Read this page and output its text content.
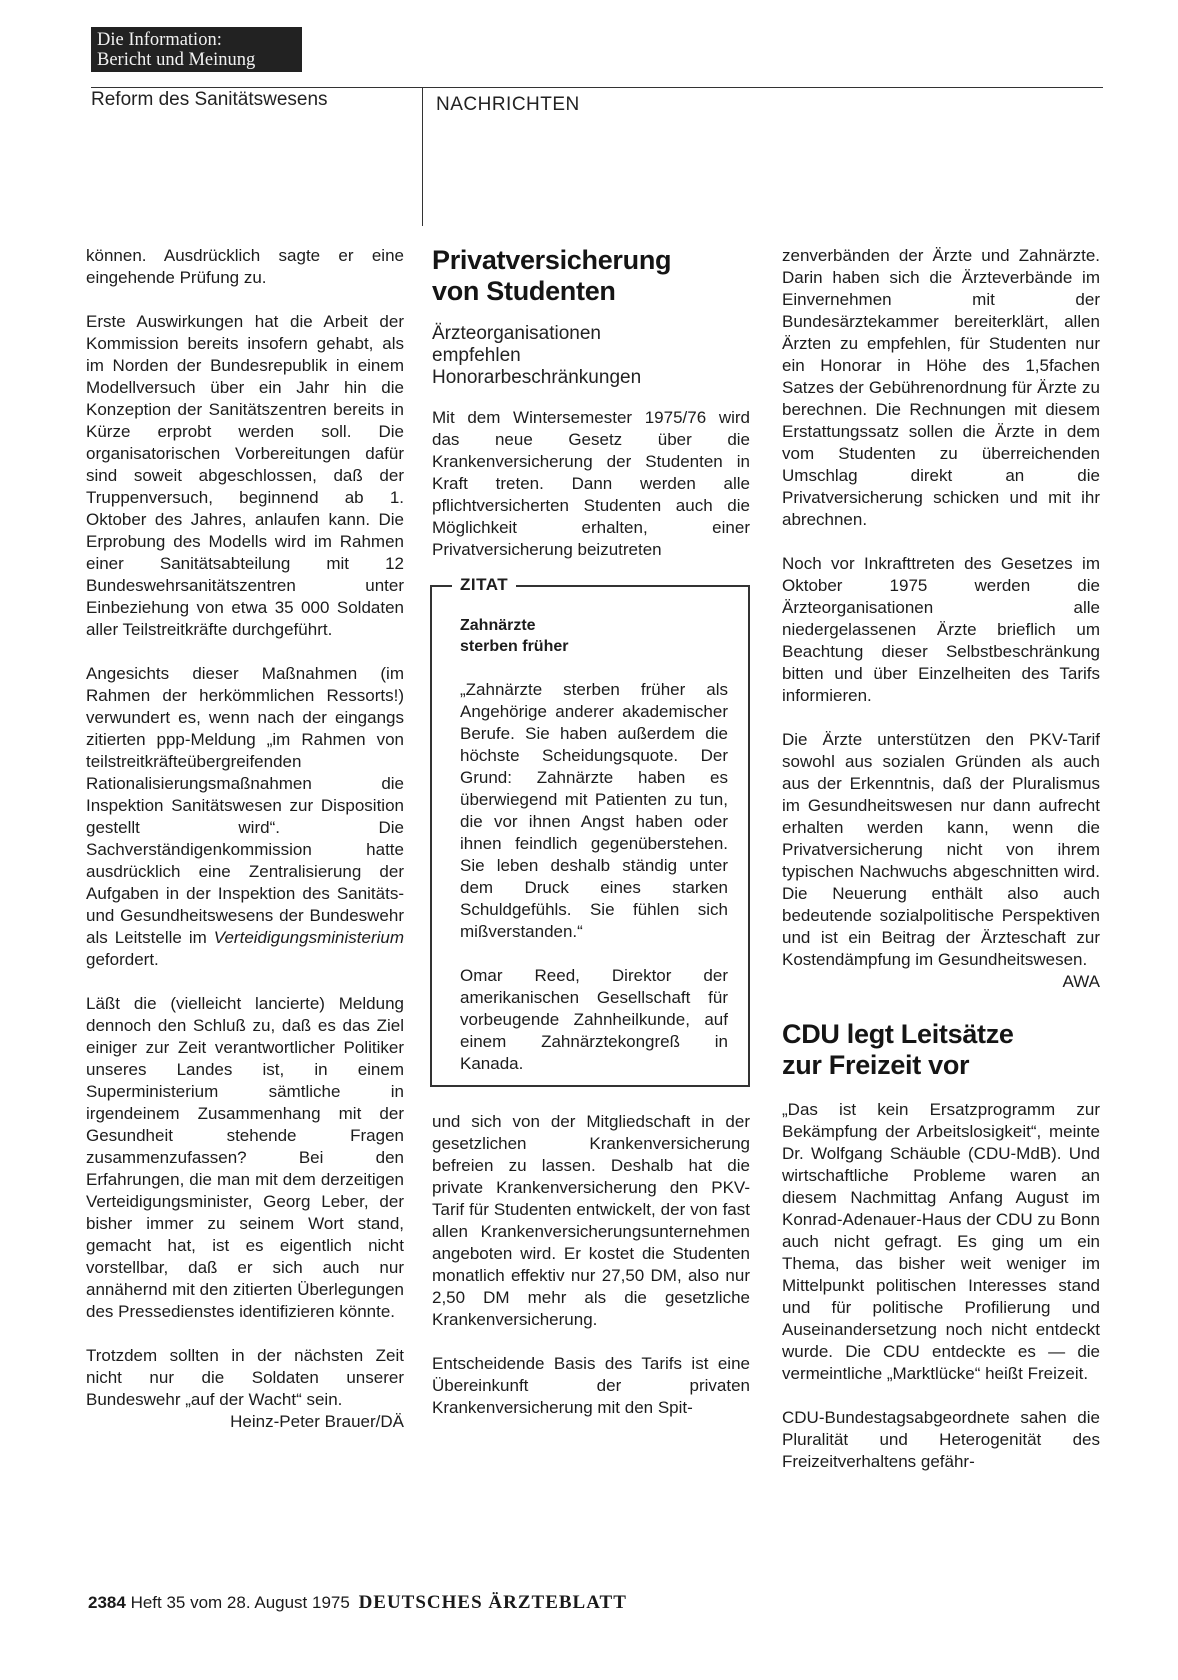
Die Information:
Bericht und Meinung
Reform des Sanitätswesens	NACHRICHTEN

können. Ausdrücklich sagte er eine eingehende Prüfung zu.

Erste Auswirkungen hat die Arbeit der Kommission bereits insofern gehabt, als im Norden der Bundesrepublik in einem Modellversuch über ein Jahr hin die Konzeption der Sanitätszentren bereits in Kürze erprobt werden soll. Die organisatorischen Vorbereitungen dafür sind soweit abgeschlossen, daß der Truppenversuch, beginnend ab 1. Oktober des Jahres, anlaufen kann. Die Erprobung des Modells wird im Rahmen einer Sanitätsabteilung mit 12 Bundeswehrsanitätszentren unter Einbeziehung von etwa 35 000 Soldaten aller Teilstreitkräfte durchgeführt.

Angesichts dieser Maßnahmen (im Rahmen der herkömmlichen Ressorts!) verwundert es, wenn nach der eingangs zitierten ppp-Meldung „im Rahmen von teilstreitkräfteübergreifenden Rationalisierungsmaßnahmen die Inspektion Sanitätswesen zur Disposition gestellt wird“. Die Sachverständigenkommission hatte ausdrücklich eine Zentralisierung der Aufgaben in der Inspektion des Sanitäts- und Gesundheitswesens der Bundeswehr als Leitstelle im Verteidigungsministerium gefordert.

Läßt die (vielleicht lancierte) Meldung dennoch den Schluß zu, daß es das Ziel einiger zur Zeit verantwortlicher Politiker unseres Landes ist, in einem Superministerium sämtliche in irgendeinem Zusammenhang mit der Gesundheit stehende Fragen zusammenzufassen? Bei den Erfahrungen, die man mit dem derzeitigen Verteidigungsminister, Georg Leber, der bisher immer zu seinem Wort stand, gemacht hat, ist es eigentlich nicht vorstellbar, daß er sich auch nur annähernd mit den zitierten Überlegungen des Pressedienstes identifizieren könnte.

Trotzdem sollten in der nächsten Zeit nicht nur die Soldaten unserer Bundeswehr „auf der Wacht“ sein.

Heinz-Peter Brauer/DÄ
Privatversicherung
von Studenten
Ärzteorganisationen
empfehlen
Honorarbeschränkungen

Mit dem Wintersemester 1975/76 wird das neue Gesetz über die Krankenversicherung der Studenten in Kraft treten. Dann werden alle pflichtversicherten Studenten auch die Möglichkeit erhalten, einer Privatversicherung beizutreten

ZITAT
Zahnärzte
sterben früher

„Zahnärzte sterben früher als Angehörige anderer akademischer Berufe. Sie haben außerdem die höchste Scheidungsquote. Der Grund: Zahnärzte haben es überwiegend mit Patienten zu tun, die vor ihnen Angst haben oder ihnen feindlich gegenüberstehen. Sie leben deshalb ständig unter dem Druck eines starken Schuldgefühls. Sie fühlen sich mißverstanden.“

Omar Reed, Direktor der amerikanischen Gesellschaft für vorbeugende Zahnheilkunde, auf einem Zahnärztekongreß in Kanada.

und sich von der Mitgliedschaft in der gesetzlichen Krankenversicherung befreien zu lassen. Deshalb hat die private Krankenversicherung den PKV-Tarif für Studenten entwickelt, der von fast allen Krankenversicherungsunternehmen angeboten wird. Er kostet die Studenten monatlich effektiv nur 27,50 DM, also nur 2,50 DM mehr als die gesetzliche Krankenversicherung.

Entscheidende Basis des Tarifs ist eine Übereinkunft der privaten Krankenversicherung mit den Spit-

zenverbänden der Ärzte und Zahnärzte. Darin haben sich die Ärzteverbände im Einvernehmen mit der Bundesärztekammer bereiterklärt, allen Ärzten zu empfehlen, für Studenten nur ein Honorar in Höhe des 1,5fachen Satzes der Gebührenordnung für Ärzte zu berechnen. Die Rechnungen mit diesem Erstattungssatz sollen die Ärzte in dem vom Studenten zu überreichenden Umschlag direkt an die Privatversicherung schicken und mit ihr abrechnen.

Noch vor Inkrafttreten des Gesetzes im Oktober 1975 werden die Ärzteorganisationen alle niedergelassenen Ärzte brieflich um Beachtung dieser Selbstbeschränkung bitten und über Einzelheiten des Tarifs informieren.

Die Ärzte unterstützen den PKV-Tarif sowohl aus sozialen Gründen als auch aus der Erkenntnis, daß der Pluralismus im Gesundheitswesen nur dann aufrecht erhalten werden kann, wenn die Privatversicherung nicht von ihrem typischen Nachwuchs abgeschnitten wird. Die Neuerung enthält also auch bedeutende sozialpolitische Perspektiven und ist ein Beitrag der Ärzteschaft zur Kostendämpfung im Gesundheitswesen.
AWA

CDU legt Leitsätze
zur Freizeit vor

„Das ist kein Ersatzprogramm zur Bekämpfung der Arbeitslosigkeit“, meinte Dr. Wolfgang Schäuble (CDU-MdB). Und wirtschaftliche Probleme waren an diesem Nachmittag Anfang August im Konrad-Adenauer-Haus der CDU zu Bonn auch nicht gefragt. Es ging um ein Thema, das bisher weit weniger im Mittelpunkt politischen Interesses stand und für politische Profilierung und Auseinandersetzung noch nicht entdeckt wurde. Die CDU entdeckte es — die vermeintliche „Marktlücke“ heißt Freizeit.

CDU-Bundestagsabgeordnete sahen die Pluralität und Heterogenität des Freizeitverhaltens gefähr-

2384 Heft 35 vom 28. August 1975 DEUTSCHES ÄRZTEBLATT
